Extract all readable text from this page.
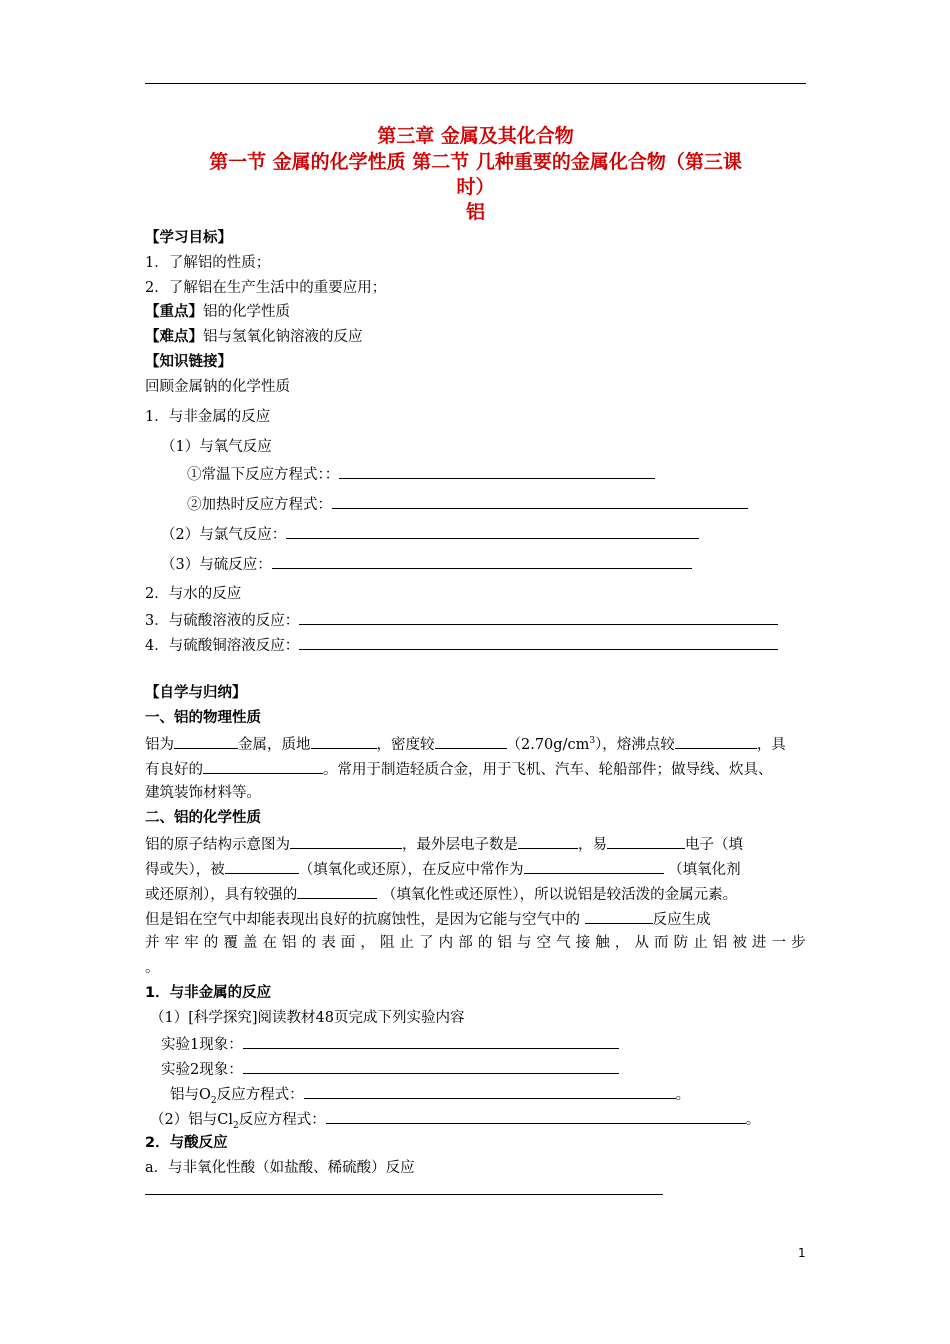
第三章 金属及其化合物
第一节 金属的化学性质 第二节 几种重要的金属化合物（第三课
时）
铝
【学习目标】
1．了解铝的性质；
2．了解铝在生产生活中的重要应用；
【重点】铝的化学性质
【难点】铝与氢氧化钠溶液的反应
【知识链接】
回顾金属钠的化学性质
1．与非金属的反应
（1）与氧气反应
①常温下反应方程式：：
②加热时反应方程式：
（2）与氯气反应：
（3）与硫反应：
2．与水的反应
3．与硫酸溶液的反应：
4．与硫酸铜溶液反应：
【自学与归纳】
一、铝的物理性质
铝为	金属，质地	，密度较	$(2.70g/cm^3)$，熔沸点较	，具
有良好的	。常用于制造轻质合金，用于飞机、汽车、轮船部件；做导线、炊具、
建筑装饰材料等。
二、铝的化学性质
铝的原子结构示意图为	，最外层电子数是	，易	电子（填
得或失），被	（填氧化或还原），在反应中常作为	（填氧化剂
或还原剂），具有较强的	（填氧化性或还原性），所以说铝是较活泼的金属元素。
但是铝在空气中却能表现出良好的抗腐蚀性，是因为它能与空气中的	反应生成
并 牢 牢 的 覆 盖 在 铝 的 表 面 ， 阻 止 了 内 部 的 铝 与 空 气 接 触 ， 从 而 防 止 铝 被 进 一 步
。
1．与非金属的反应
（1）[科学探究]阅读教材48页完成下列实验内容
实验1现象：
实验2现象：
铝与$O_2$反应方程式：	。
（2）铝与$Cl_2$反应方程式：	。
2．与酸反应
a．与非氧化性酸（如盐酸、稀硫酸）反应
1
